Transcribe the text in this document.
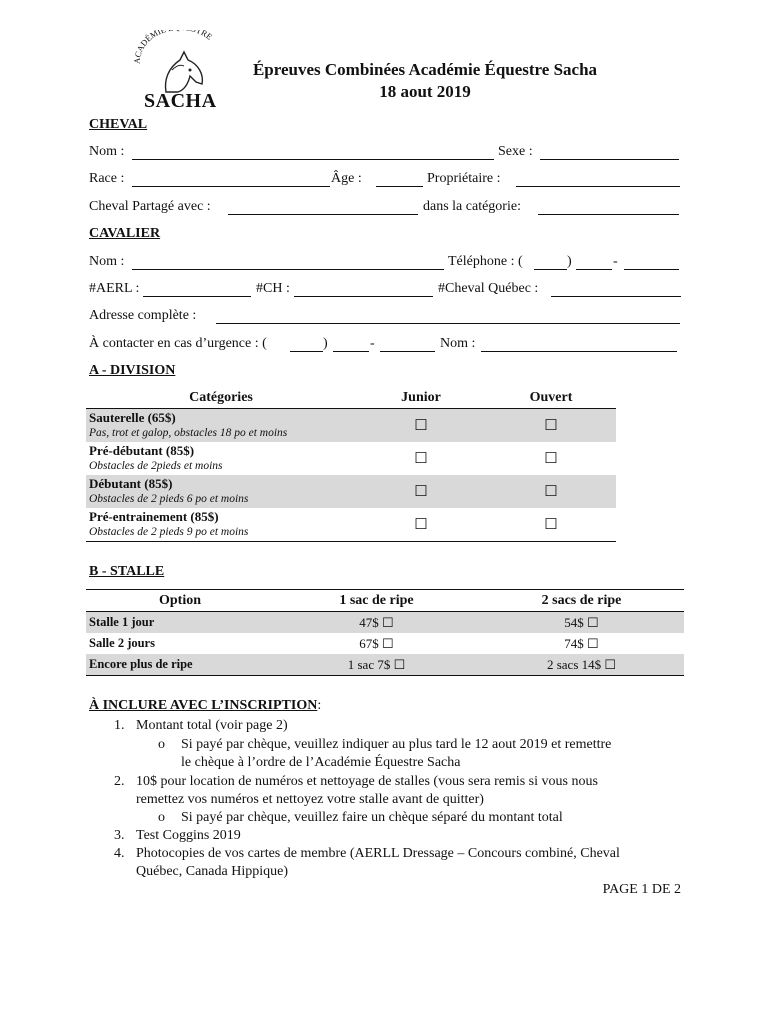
ACADÉMI TRE
SACHA
Épreuves Combinées Académie Équestre Sacha
18 aout 2019
CHEVAL
Nom :	Sexe :
Race :	Âge :	Propriétaire :
Cheval Partagé avec :	dans la catégorie:
CAVALIER
Nom :	Téléphone : (	)	-
#AERL :	#CH :	#Cheval Québec :
Adresse complète :
À contacter en cas d’urgence : (	)	-	Nom :
A - DIVISION
Catégories	Junior	Ouvert

Sauterelle (65$)
Pas, trot et galop, obstacles 18 po et moins	☐	☐

Pré-débutant (85$)
Obstacles de 2pieds et moins	☐	☐

Débutant (85$)
Obstacles de 2 pieds 6 po et moins	☐	☐

Pré-entrainement (85$)
Obstacles de 2 pieds 9 po et moins	☐	☐
B - STALLE
Option	1 sac de ripe	2 sacs de ripe
Stalle 1 jour	47$ ☐	54$ ☐
Salle 2 jours	67$ ☐	74$ ☐
Encore plus de ripe	1 sac 7$ ☐	2 sacs 14$ ☐
À INCLURE AVEC L’INSCRIPTION:
1. Montant total (voir page 2)
o Si payé par chèque, veuillez indiquer au plus tard le 12 aout 2019 et remettre
le chèque à l’ordre de l’Académie Équestre Sacha
2. 10$ pour location de numéros et nettoyage de stalles (vous sera remis si vous nous
remettez vos numéros et nettoyez votre stalle avant de quitter)
o Si payé par chèque, veuillez faire un chèque séparé du montant total
3. Test Coggins 2019
4. Photocopies de vos cartes de membre (AERLL Dressage – Concours combiné, Cheval
Québec, Canada Hippique)
PAGE 1 DE 2
